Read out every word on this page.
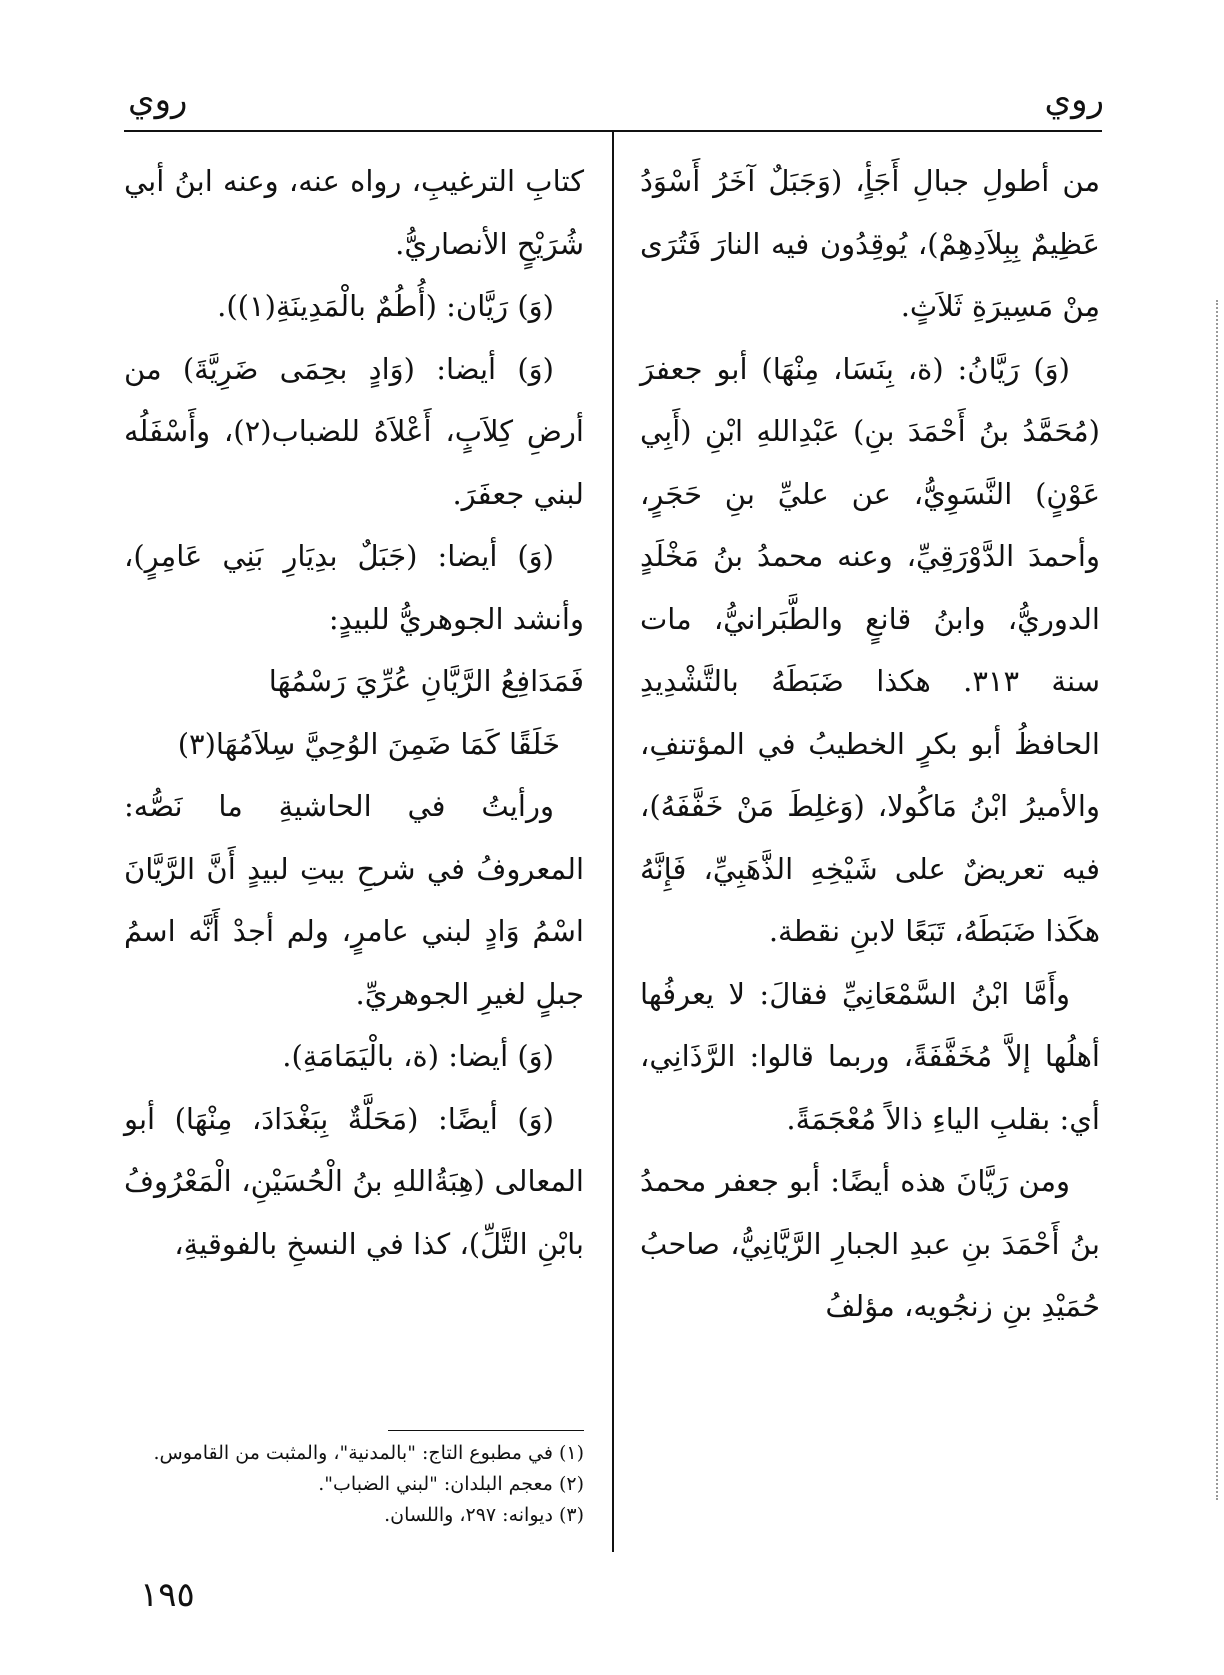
روي
روي

من أطولِ جبالِ أَجَأٍ، (وَجَبَلٌ آخَرُ أَسْوَدُ عَظِيمٌ بِبِلاَدِهِمْ)، يُوقِدُون فيه النارَ فَتُرَى مِنْ مَسِيرَةِ ثَلاَثٍ.

(وَ) رَيَّانُ: (ة، بِنَسَا، مِنْهَا) أبو جعفرَ (مُحَمَّدُ بنُ أَحْمَدَ بنِ) عَبْدِاللهِ ابْنِ (أَبِي عَوْنٍ) النَّسَوِيُّ، عن عليِّ بنِ حَجَرٍ، وأحمدَ الدَّوْرَقِيِّ، وعنه محمدُ بنُ مَخْلَدٍ الدوريُّ، وابنُ قانعٍ والطَّبَرانيُّ، مات سنة ٣١٣. هكذا ضَبَطَهُ بالتَّشْدِيدِ الحافظُ أبو بكرٍ الخطيبُ في المؤتنفِ، والأميرُ ابْنُ مَاكُولا، (وَغلِطَ مَنْ خَفَّفَهُ)، فيه تعريضٌ على شَيْخِهِ الذَّهَبِيِّ، فَإِنَّهُ هكَذا ضَبَطَهُ، تَبَعًا لابنِ نقطة.

وأَمَّا ابْنُ السَّمْعَانِيِّ فقالَ: لا يعرفُها أهلُها إلاَّ مُخَفَّفَةً، وربما قالوا: الرَّذَانِي، أي: بقلبِ الياءِ ذالاً مُعْجَمَةً.

ومن رَيَّانَ هذه أيضًا: أبو جعفر محمدُ بنُ أَحْمَدَ بنِ عبدِ الجبارِ الرَّيَّانِيُّ، صاحبُ حُمَيْدِ بنِ زنجُويه، مؤلفُ

كتابِ الترغيبِ، رواه عنه، وعنه ابنُ أبي شُرَيْحٍ الأنصاريُّ.

(وَ) رَيَّان: (أُطُمٌ بالْمَدِينَةِ(١)).

(وَ) أيضا: (وَادٍ بحِمَى ضَرِيَّةَ) من أرضِ كِلاَبٍ، أَعْلاَهُ للضباب(٢)، وأَسْفَلُه لبني جعفَرَ.

(وَ) أيضا: (جَبَلٌ بدِيَارِ بَنِي عَامِرٍ)، وأنشد الجوهريُّ للبيدٍ:

فَمَدَافِعُ الرَّيَّانِ عُرِّيَ رَسْمُهَا

خَلَقًا كَمَا ضَمِنَ الوُحِيَّ سِلاَمُهَا(٣)

ورأيتُ في الحاشيةِ ما نَصُّه: المعروفُ في شرحِ بيتِ لبيدٍ أَنَّ الرَّيَّانَ اسْمُ وَادٍ لبني عامرٍ، ولم أجدْ أَنَّه اسمُ جبلٍ لغيرِ الجوهريِّ.

(وَ) أيضا: (ة، بالْيَمَامَةِ).

(وَ) أيضًا: (مَحَلَّةٌ بِبَغْدَادَ، مِنْهَا) أبو المعالى (هِبَةُاللهِ بنُ الْحُسَيْنِ، الْمَعْرُوفُ بابْنِ التَّلِّ)، كذا في النسخِ بالفوقيةِ،

(١) في مطبوع التاج: "بالمدنية"، والمثبت من القاموس.
(٢) معجم البلدان: "لبني الضباب".
(٣) ديوانه: ٢٩٧، واللسان.
١٩٥
